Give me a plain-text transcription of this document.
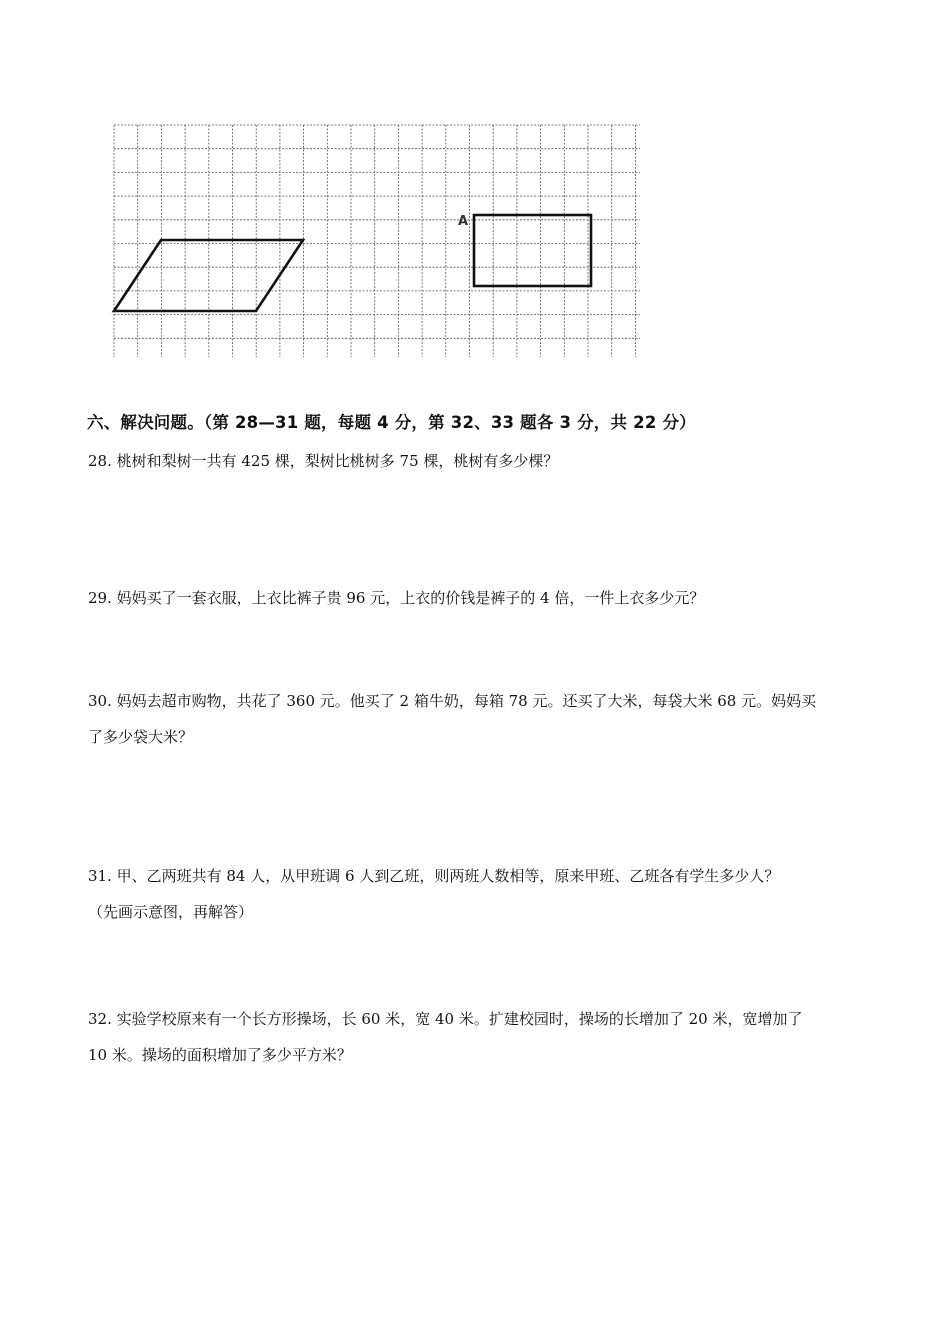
A
六、解决问题。（第 28—31 题，每题 4 分，第 32、33 题各 3 分，共 22 分）
28. 桃树和梨树一共有 425 棵，梨树比桃树多 75 棵，桃树有多少棵？
29. 妈妈买了一套衣服，上衣比裤子贵 96 元，上衣的价钱是裤子的 4 倍，一件上衣多少元？
30. 妈妈去超市购物，共花了 360 元。他买了 2 箱牛奶，每箱 78 元。还买了大米，每袋大米 68 元。妈妈买
了多少袋大米？
31. 甲、乙两班共有 84 人，从甲班调 6 人到乙班，则两班人数相等，原来甲班、乙班各有学生多少人？
（先画示意图，再解答）
32. 实验学校原来有一个长方形操场，长 60 米，宽 40 米。扩建校园时，操场的长增加了 20 米，宽增加了
10 米。操场的面积增加了多少平方米？
